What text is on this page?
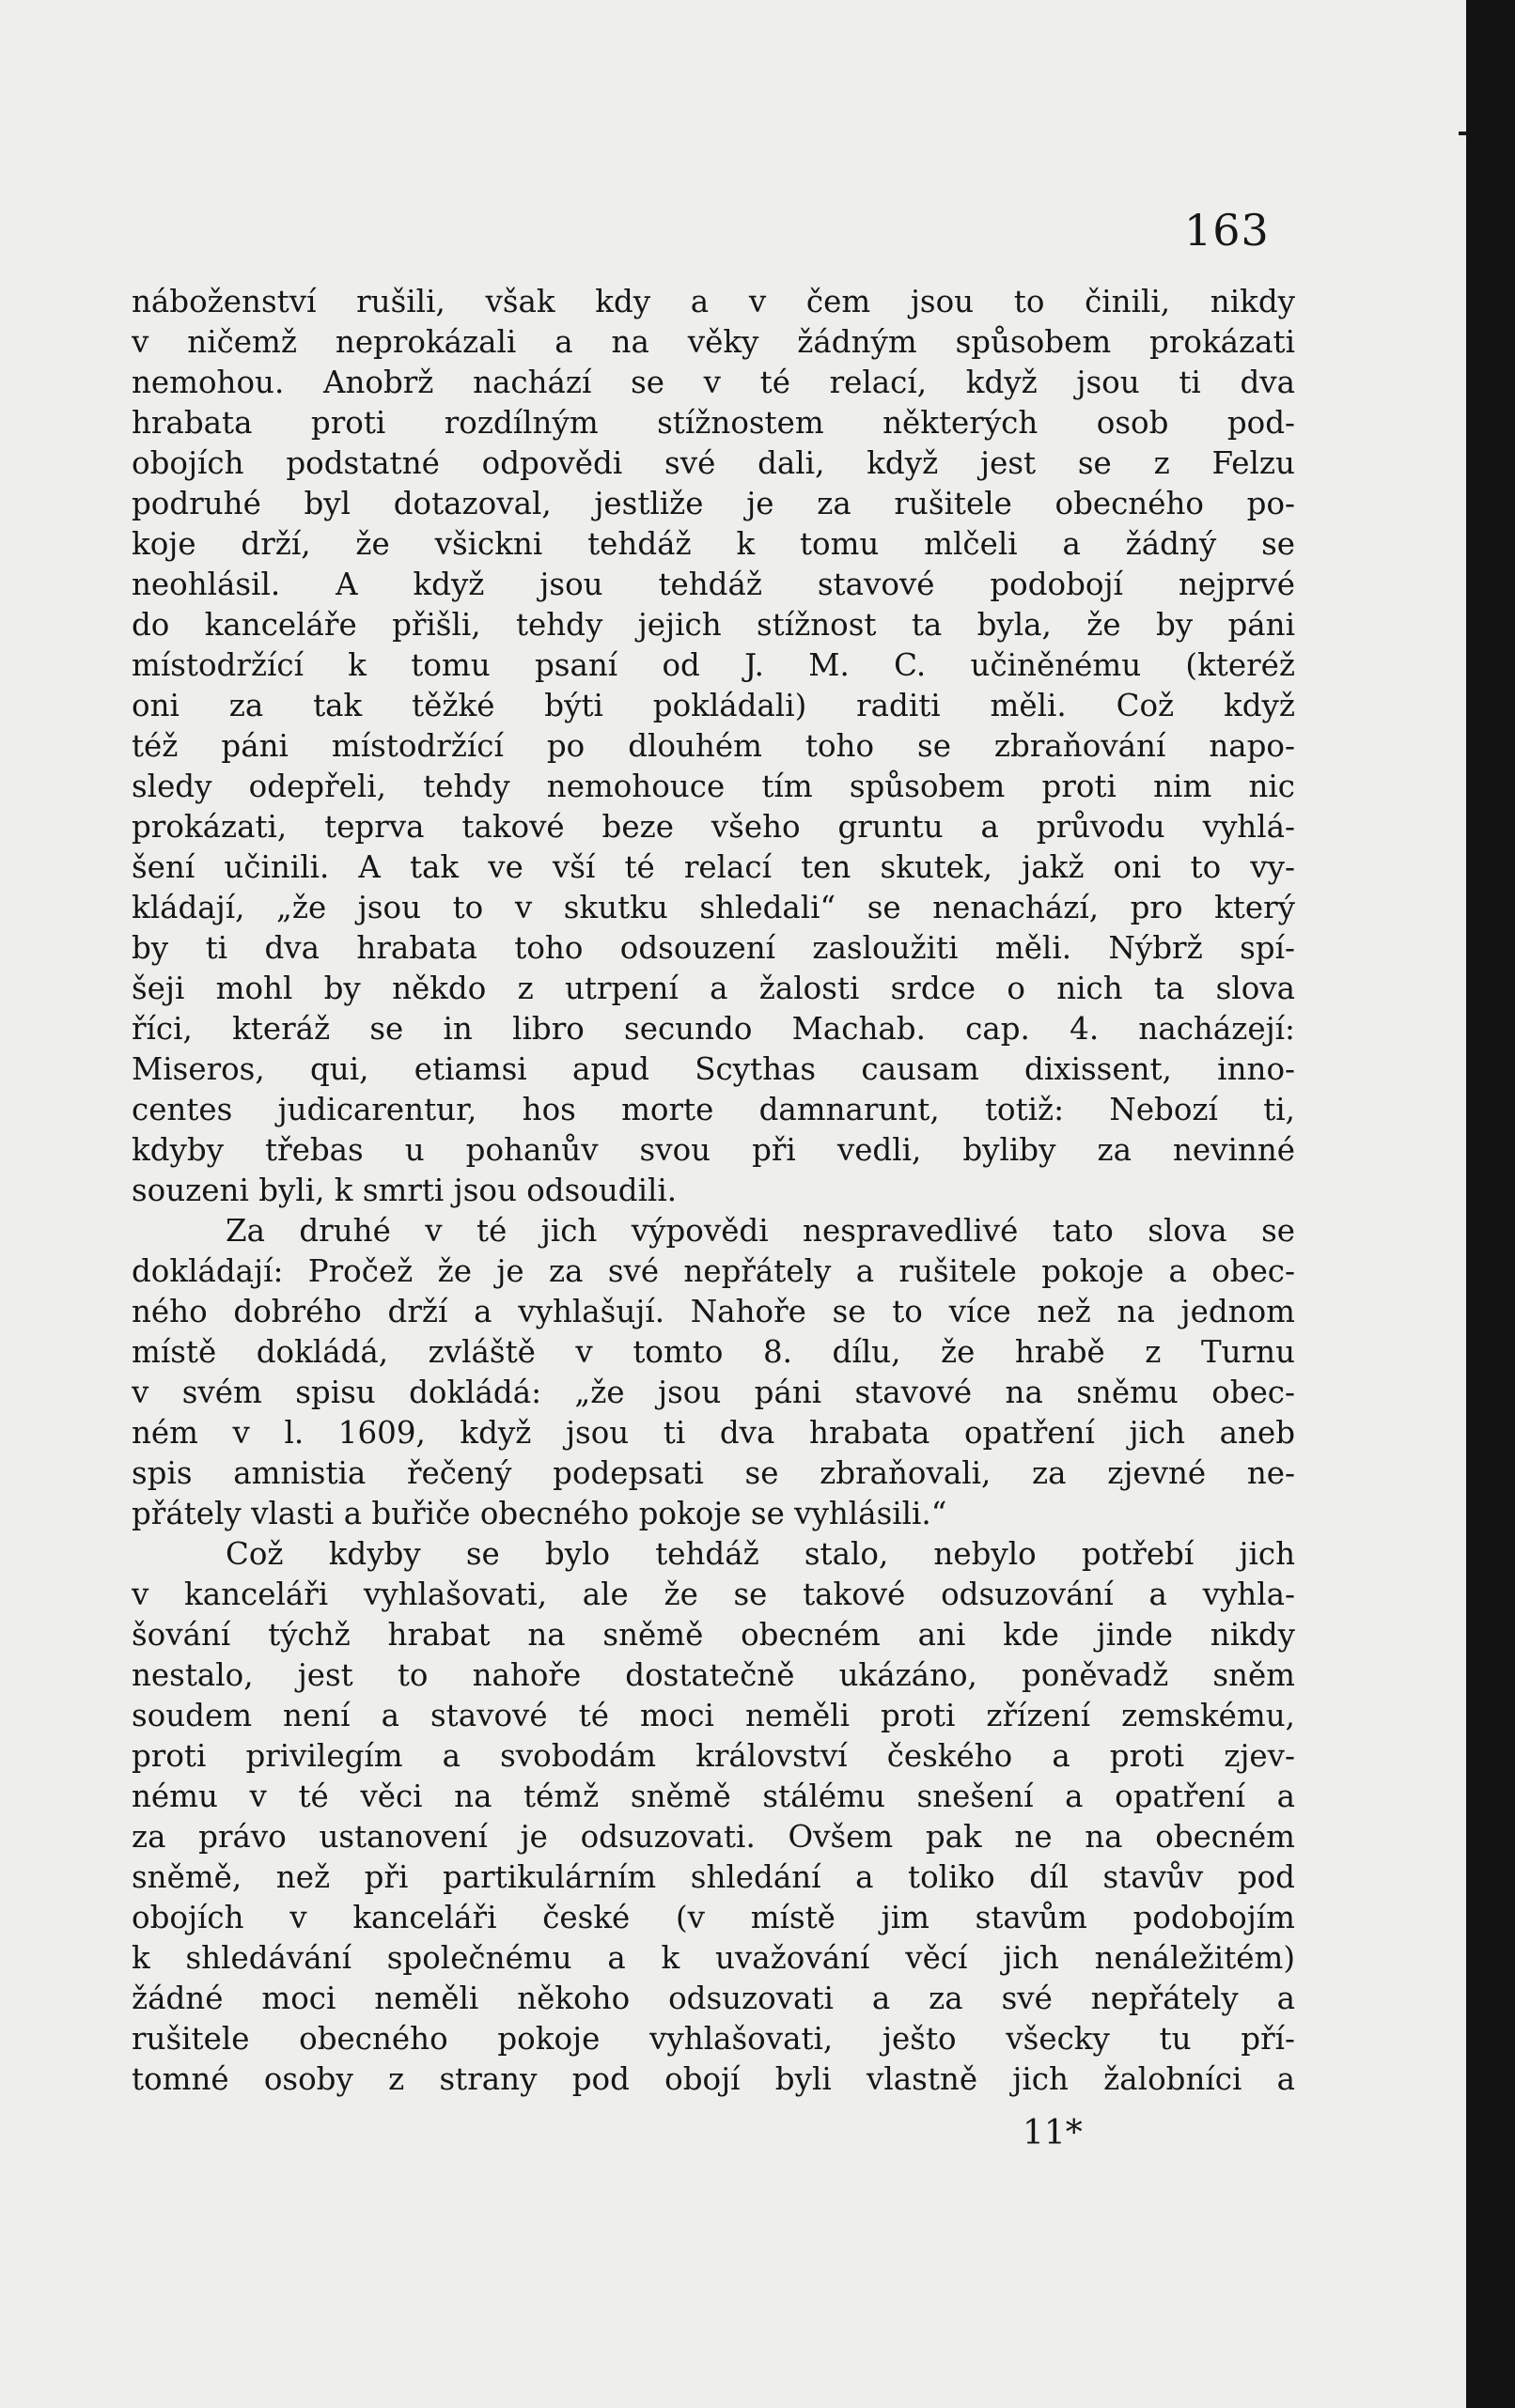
163
náboženství rušili, však kdy a v čem jsou to činili, nikdy
v ničemž neprokázali a na věky žádným spůsobem prokázati
nemohou. Anobrž nachází se v té relací, když jsou ti dva
hrabata proti rozdílným stížnostem některých osob pod-
obojích podstatné odpovědi své dali, když jest se z Felzu
podruhé byl dotazoval, jestliže je za rušitele obecného po-
koje drží, že všickni tehdáž k tomu mlčeli a žádný se
neohlásil. A když jsou tehdáž stavové podobojí nejprvé
do kanceláře přišli, tehdy jejich stížnost ta byla, že by páni
místodržící k tomu psaní od J. M. C. učiněnému (kteréž
oni za tak těžké býti pokládali) raditi měli. Což když
též páni místodržící po dlouhém toho se zbraňování napo-
sledy odepřeli, tehdy nemohouce tím spůsobem proti nim nic
prokázati, teprva takové beze všeho gruntu a průvodu vyhlá-
šení učinili. A tak ve vší té relací ten skutek, jakž oni to vy-
kládají, „že jsou to v skutku shledali“ se nenachází, pro který
by ti dva hrabata toho odsouzení zasloužiti měli. Nýbrž spí-
šeji mohl by někdo z utrpení a žalosti srdce o nich ta slova
říci, kteráž se in libro secundo Machab. cap. 4. nacházejí:
Miseros, qui, etiamsi apud Scythas causam dixissent, inno-
centes judicarentur, hos morte damnarunt, totiž: Nebozí ti,
kdyby třebas u pohanův svou při vedli, byliby za nevinné
souzeni byli, k smrti jsou odsoudili.
Za druhé v té jich výpovědi nespravedlivé tato slova se
dokládají: Pročež že je za své nepřátely a rušitele pokoje a obec-
ného dobrého drží a vyhlašují. Nahoře se to více než na jednom
místě dokládá, zvláště v tomto 8. dílu, že hrabě z Turnu
v svém spisu dokládá: „že jsou páni stavové na sněmu obec-
ném v l. 1609, když jsou ti dva hrabata opatření jich aneb
spis amnistia řečený podepsati se zbraňovali, za zjevné ne-
přátely vlasti a buřiče obecného pokoje se vyhlásili.“
Což kdyby se bylo tehdáž stalo, nebylo potřebí jich
v kanceláři vyhlašovati, ale že se takové odsuzování a vyhla-
šování týchž hrabat na sněmě obecném ani kde jinde nikdy
nestalo, jest to nahoře dostatečně ukázáno, poněvadž sněm
soudem není a stavové té moci neměli proti zřízení zemskému,
proti privilegím a svobodám království českého a proti zjev-
nému v té věci na témž sněmě stálému snešení a opatření a
za právo ustanovení je odsuzovati. Ovšem pak ne na obecném
sněmě, než při partikulárním shledání a toliko díl stavův pod
obojích v kanceláři české (v místě jim stavům podobojím
k shledávání společnému a k uvažování věcí jich nenáležitém)
žádné moci neměli někoho odsuzovati a za své nepřátely a
rušitele obecného pokoje vyhlašovati, ješto všecky tu pří-
tomné osoby z strany pod obojí byli vlastně jich žalobníci a
11*
